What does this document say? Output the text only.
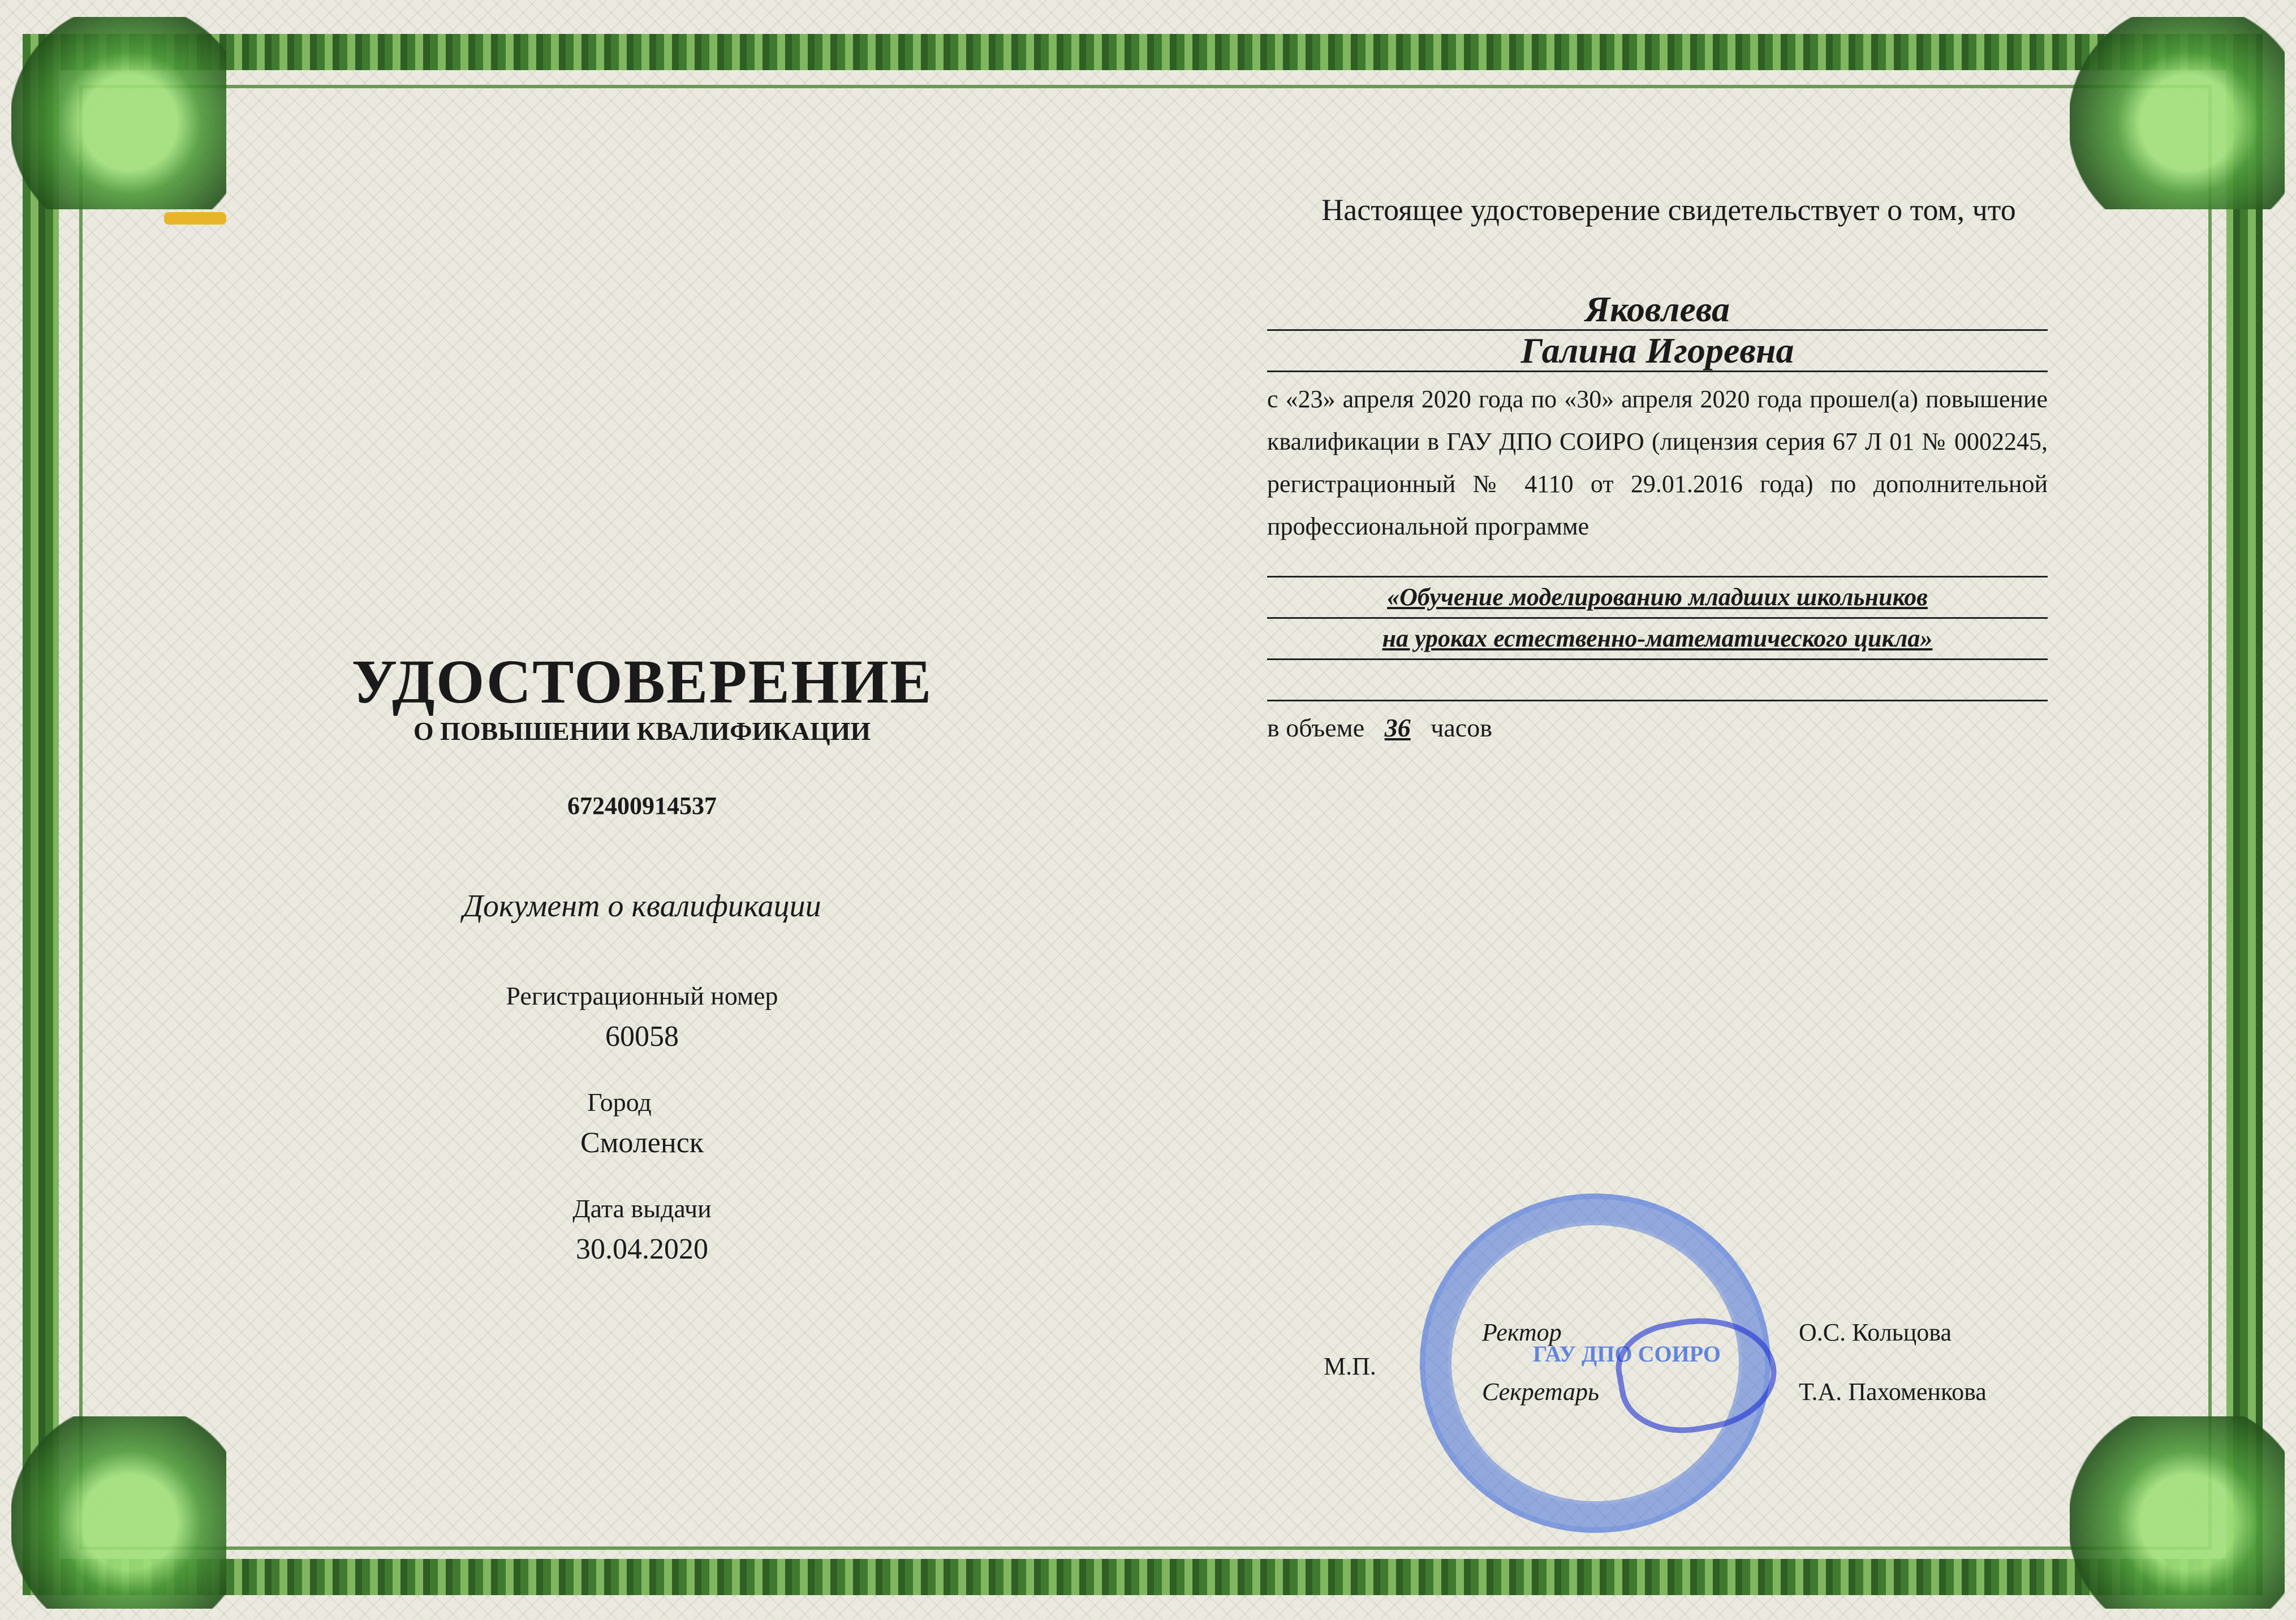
УДОСТОВЕРЕНИЕ
О ПОВЫШЕНИИ КВАЛИФИКАЦИИ
672400914537
Документ о квалификации
Регистрационный номер
60058
Город
Смоленск
Дата выдачи
30.04.2020
Настоящее удостоверение свидетельствует о том, что
Яковлева
Галина Игоревна
с «23» апреля 2020 года по «30» апреля 2020 года прошел(а) повышение квалификации в ГАУ ДПО СОИРО (лицензия серия 67 Л 01 № 0002245, регистрационный № 4110 от 29.01.2016 года) по дополнительной профессиональной программе
«Обучение моделированию младших школьников
на уроках естественно-математического цикла»
в объеме 36 часов
ГАУ ДПО СОИРО
М.П.
Ректор	О.С. Кольцова
Секретарь	Т.А. Пахоменкова
